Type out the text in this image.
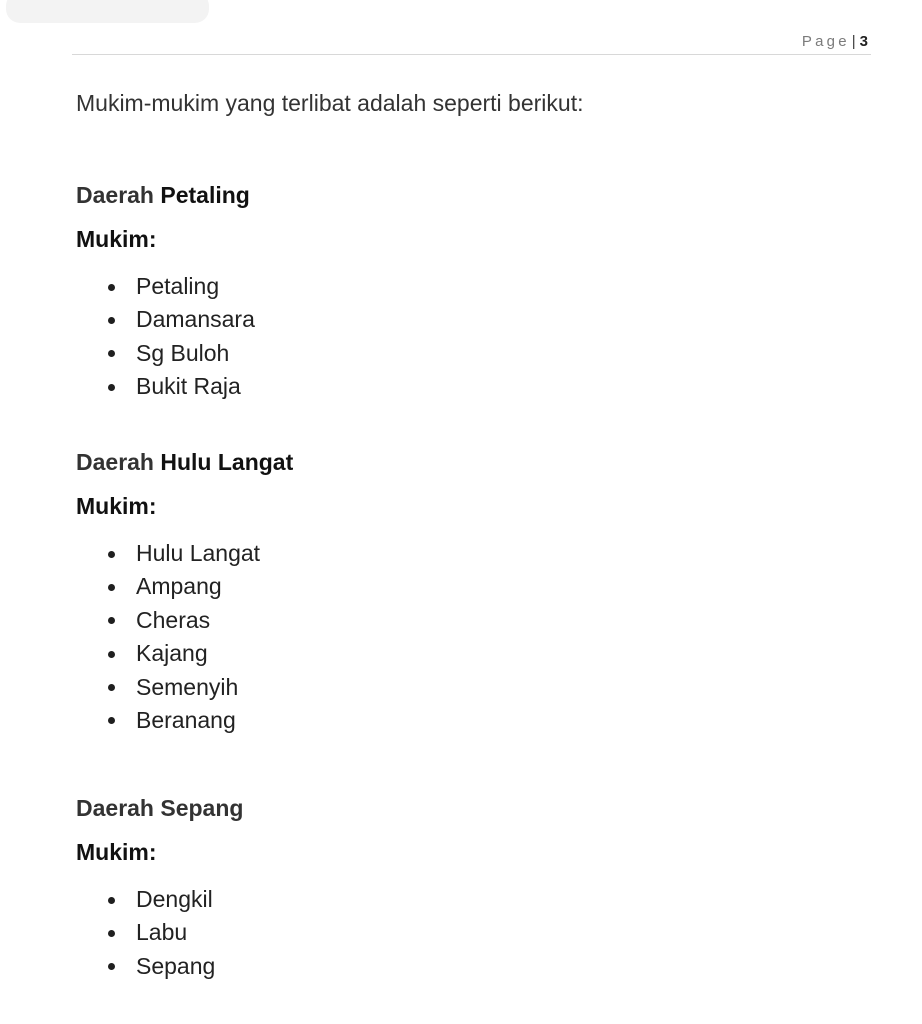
Page | 3

Mukim-mukim yang terlibat adalah seperti berikut:

Daerah Petaling

Mukim:

Petaling
Damansara
Sg Buloh
Bukit Raja
Daerah Hulu Langat

Mukim:

Hulu Langat
Ampang
Cheras
Kajang
Semenyih
Beranang
Daerah Sepang

Mukim:

Dengkil
Labu
Sepang
